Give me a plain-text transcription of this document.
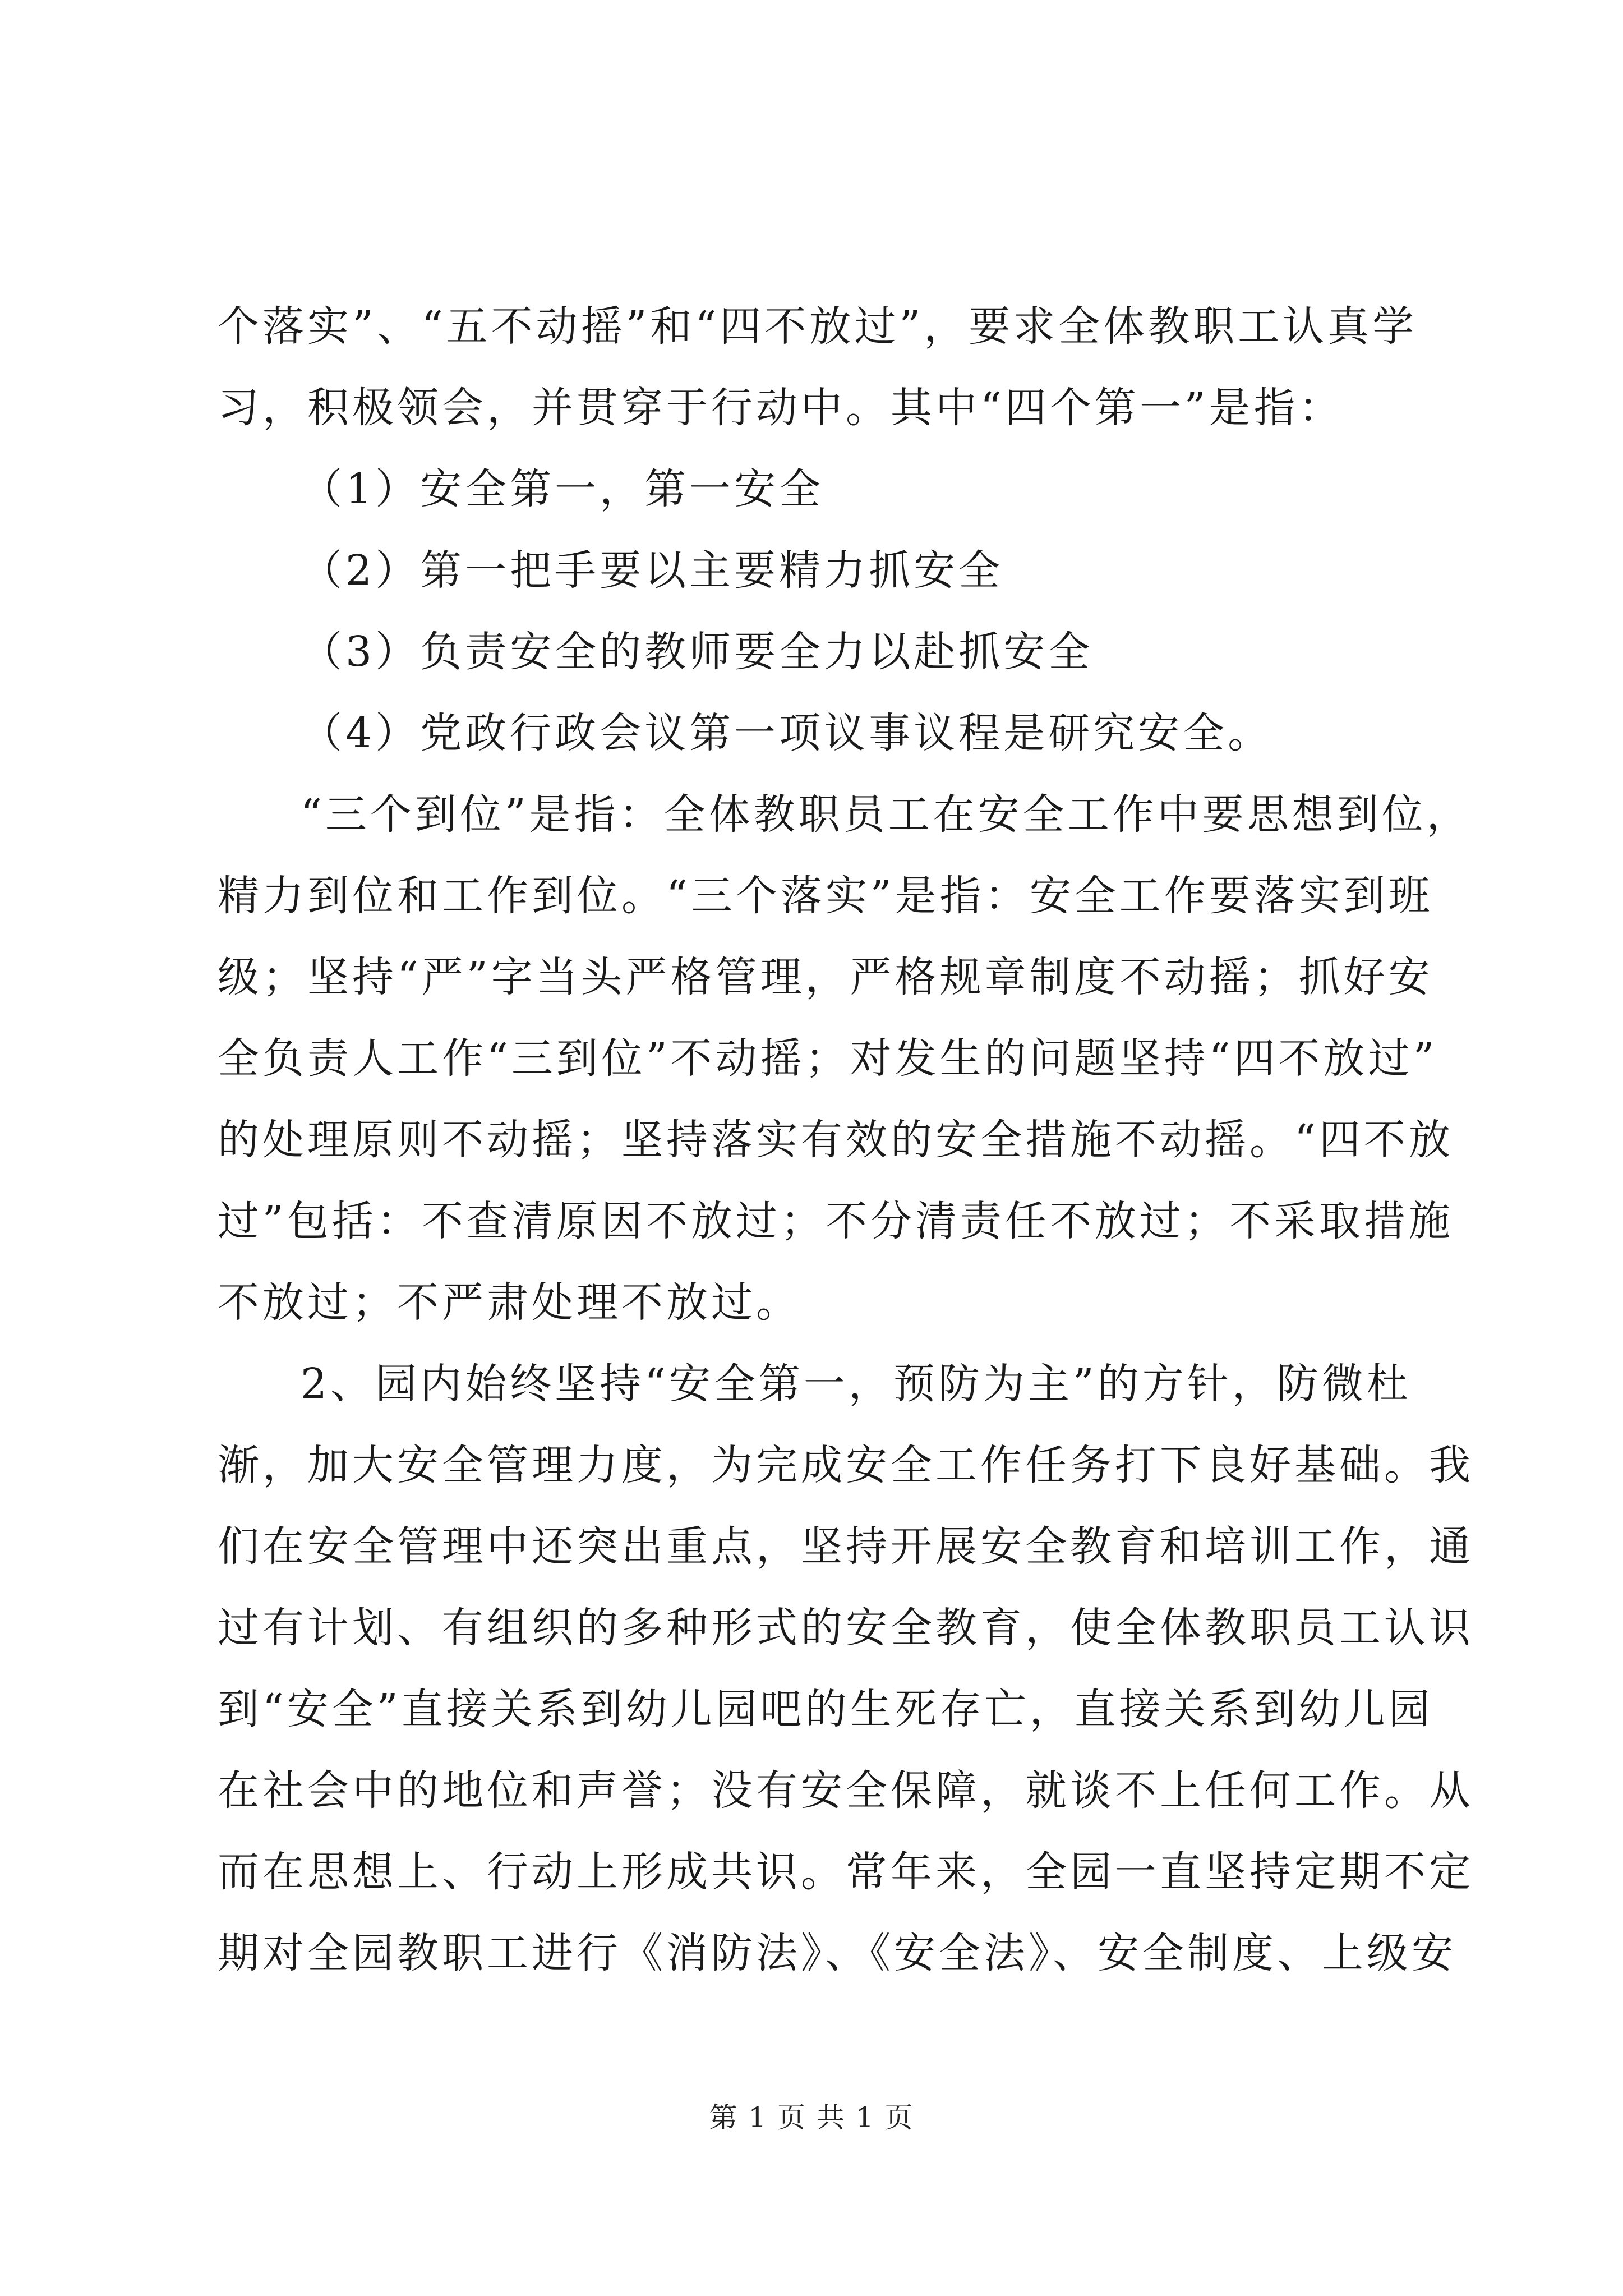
个落实”、“五不动摇”和“四不放过”，要求全体教职工认真学
习，积极领会，并贯穿于行动中。其中“四个第一”是指：
（1）安全第一，第一安全
（2）第一把手要以主要精力抓安全
（3）负责安全的教师要全力以赴抓安全
（4）党政行政会议第一项议事议程是研究安全。
“三个到位”是指：全体教职员工在安全工作中要思想到位，
精力到位和工作到位。“三个落实”是指：安全工作要落实到班
级；坚持“严”字当头严格管理，严格规章制度不动摇；抓好安
全负责人工作“三到位”不动摇；对发生的问题坚持“四不放过”
的处理原则不动摇；坚持落实有效的安全措施不动摇。“四不放
过”包括：不查清原因不放过；不分清责任不放过；不采取措施
不放过；不严肃处理不放过。
2、园内始终坚持“安全第一，预防为主”的方针，防微杜
渐，加大安全管理力度，为完成安全工作任务打下良好基础。我
们在安全管理中还突出重点，坚持开展安全教育和培训工作，通
过有计划、有组织的多种形式的安全教育，使全体教职员工认识
到“安全”直接关系到幼儿园吧的生死存亡，直接关系到幼儿园
在社会中的地位和声誉；没有安全保障，就谈不上任何工作。从
而在思想上、行动上形成共识。常年来，全园一直坚持定期不定
期对全园教职工进行《消防法》、《安全法》、安全制度、上级安
第 1 页 共 1 页
